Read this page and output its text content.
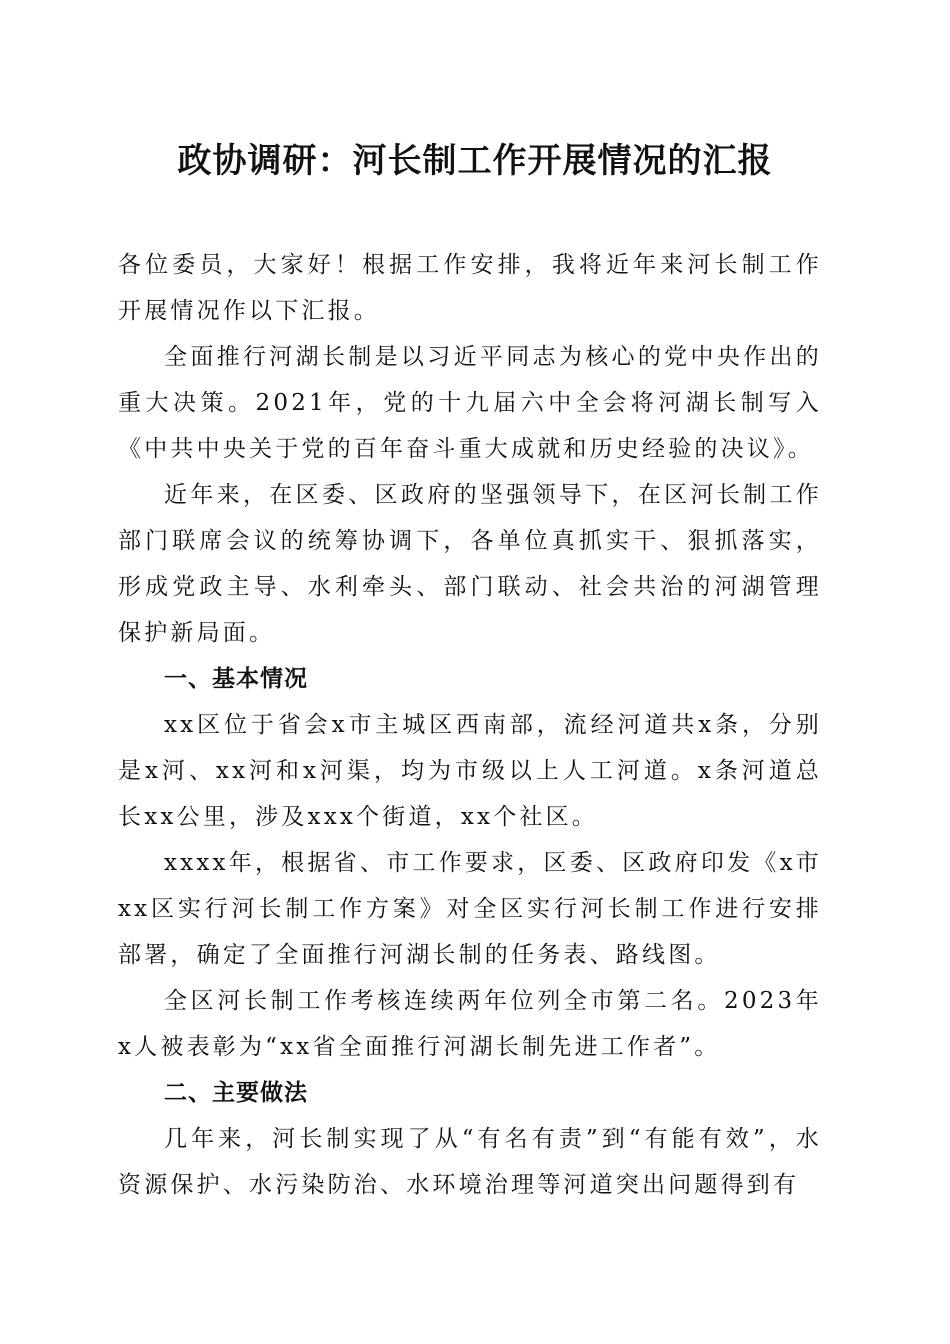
政协调研：河长制工作开展情况的汇报

各位委员，大家好！根据工作安排，我将近年来河长制工作开展情况作以下汇报。

全面推行河湖长制是以习近平同志为核心的党中央作出的重大决策。2021年，党的十九届六中全会将河湖长制写入《中共中央关于党的百年奋斗重大成就和历史经验的决议》。

近年来，在区委、区政府的坚强领导下，在区河长制工作部门联席会议的统筹协调下，各单位真抓实干、狠抓落实，形成党政主导、水利牵头、部门联动、社会共治的河湖管理保护新局面。

一、基本情况

xx区位于省会x市主城区西南部，流经河道共x条，分别是x河、xx河和x河渠，均为市级以上人工河道。x条河道总长xx公里，涉及xxx个街道，xx个社区。

xxxx年，根据省、市工作要求，区委、区政府印发《x市xx区实行河长制工作方案》对全区实行河长制工作进行安排部署，确定了全面推行河湖长制的任务表、路线图。

全区河长制工作考核连续两年位列全市第二名。2023年x人被表彰为“xx省全面推行河湖长制先进工作者”。

二、主要做法

几年来，河长制实现了从“有名有责”到“有能有效”，水资源保护、水污染防治、水环境治理等河道突出问题得到有
